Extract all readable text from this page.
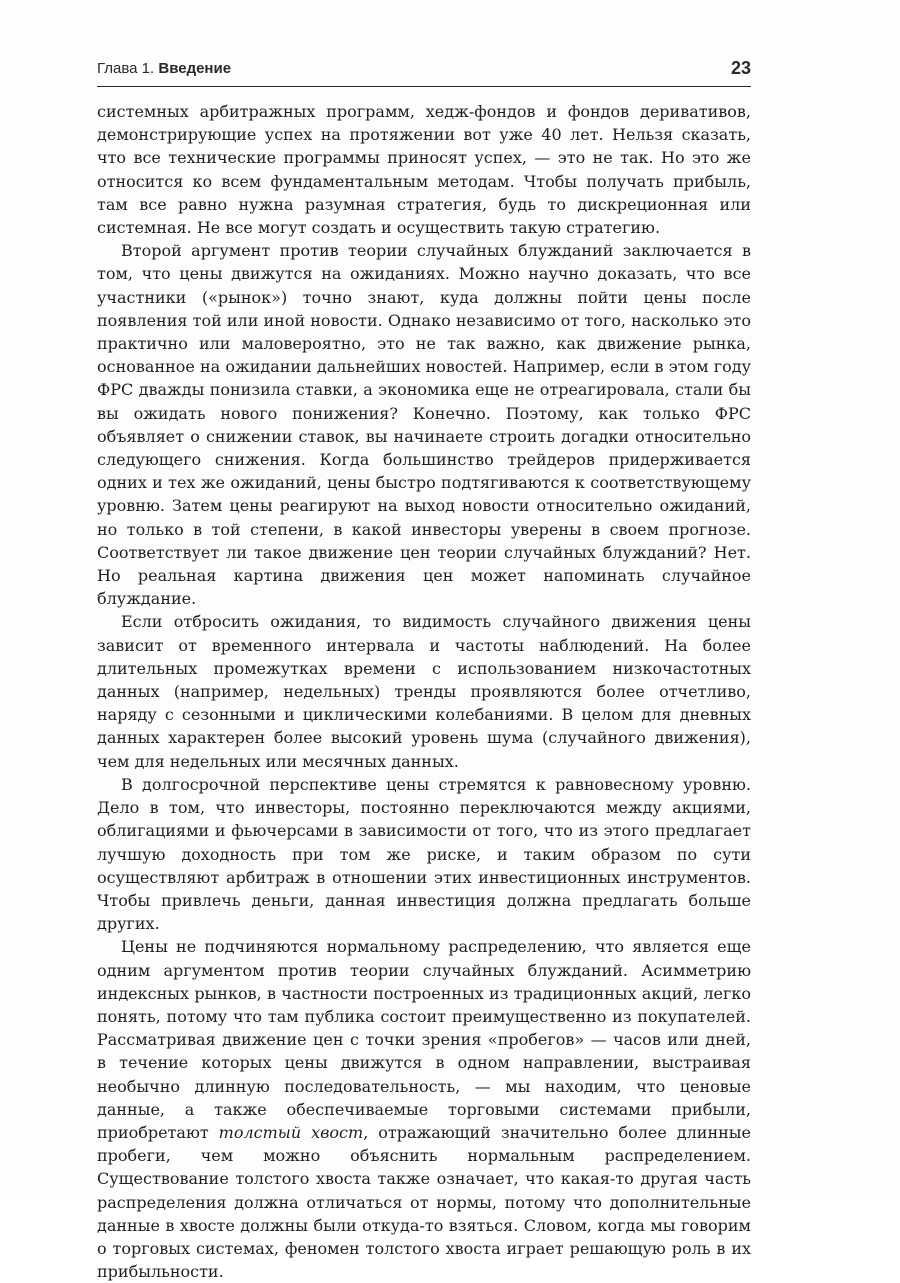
Глава 1. Введение	23

системных арбитражных программ, хедж-фондов и фондов деривативов, демонстрирующие успех на протяжении вот уже 40 лет. Нельзя сказать, что все технические программы приносят успех, — это не так. Но это же относится ко всем фундаментальным методам. Чтобы получать прибыль, там все равно нужна разумная стратегия, будь то дискреционная или системная. Не все могут создать и осуществить такую стратегию.

Второй аргумент против теории случайных блужданий заключается в том, что цены движутся на ожиданиях. Можно научно доказать, что все участники («рынок») точно знают, куда должны пойти цены после появления той или иной новости. Однако независимо от того, насколько это практично или маловероятно, это не так важно, как движение рынка, основанное на ожидании дальнейших новостей. Например, если в этом году ФРС дважды понизила ставки, а экономика еще не отреагировала, стали бы вы ожидать нового понижения? Конечно. Поэтому, как только ФРС объявляет о снижении ставок, вы начинаете строить догадки относительно следующего снижения. Когда большинство трейдеров придерживается одних и тех же ожиданий, цены быстро подтягиваются к соответствующему уровню. Затем цены реагируют на выход новости относительно ожиданий, но только в той степени, в какой инвесторы уверены в своем прогнозе. Соответствует ли такое движение цен теории случайных блужданий? Нет. Но реальная картина движения цен может напоминать случайное блуждание.

Если отбросить ожидания, то видимость случайного движения цены зависит от временного интервала и частоты наблюдений. На более длительных промежутках времени с использованием низкочастотных данных (например, недельных) тренды проявляются более отчетливо, наряду с сезонными и циклическими колебаниями. В целом для дневных данных характерен более высокий уровень шума (случайного движения), чем для недельных или месячных данных.

В долгосрочной перспективе цены стремятся к равновесному уровню. Дело в том, что инвесторы, постоянно переключаются между акциями, облигациями и фьючерсами в зависимости от того, что из этого предлагает лучшую доходность при том же риске, и таким образом по сути осуществляют арбитраж в отношении этих инвестиционных инструментов. Чтобы привлечь деньги, данная инвестиция должна предлагать больше других.

Цены не подчиняются нормальному распределению, что является еще одним аргументом против теории случайных блужданий. Асимметрию индексных рынков, в частности построенных из традиционных акций, легко понять, потому что там публика состоит преимущественно из покупателей. Рассматривая движение цен с точки зрения «пробегов» — часов или дней, в течение которых цены движутся в одном направлении, выстраивая необычно длинную последовательность, — мы находим, что ценовые данные, а также обеспечиваемые торговыми системами прибыли, приобретают толстый хвост, отражающий значительно более длинные пробеги, чем можно объяснить нормальным распределением. Существование толстого хвоста также означает, что какая-то другая часть распределения должна отличаться от нормы, потому что дополнительные данные в хвосте должны были откуда-то взяться. Словом, когда мы говорим о торговых системах, феномен толстого хвоста играет решающую роль в их прибыльности.
